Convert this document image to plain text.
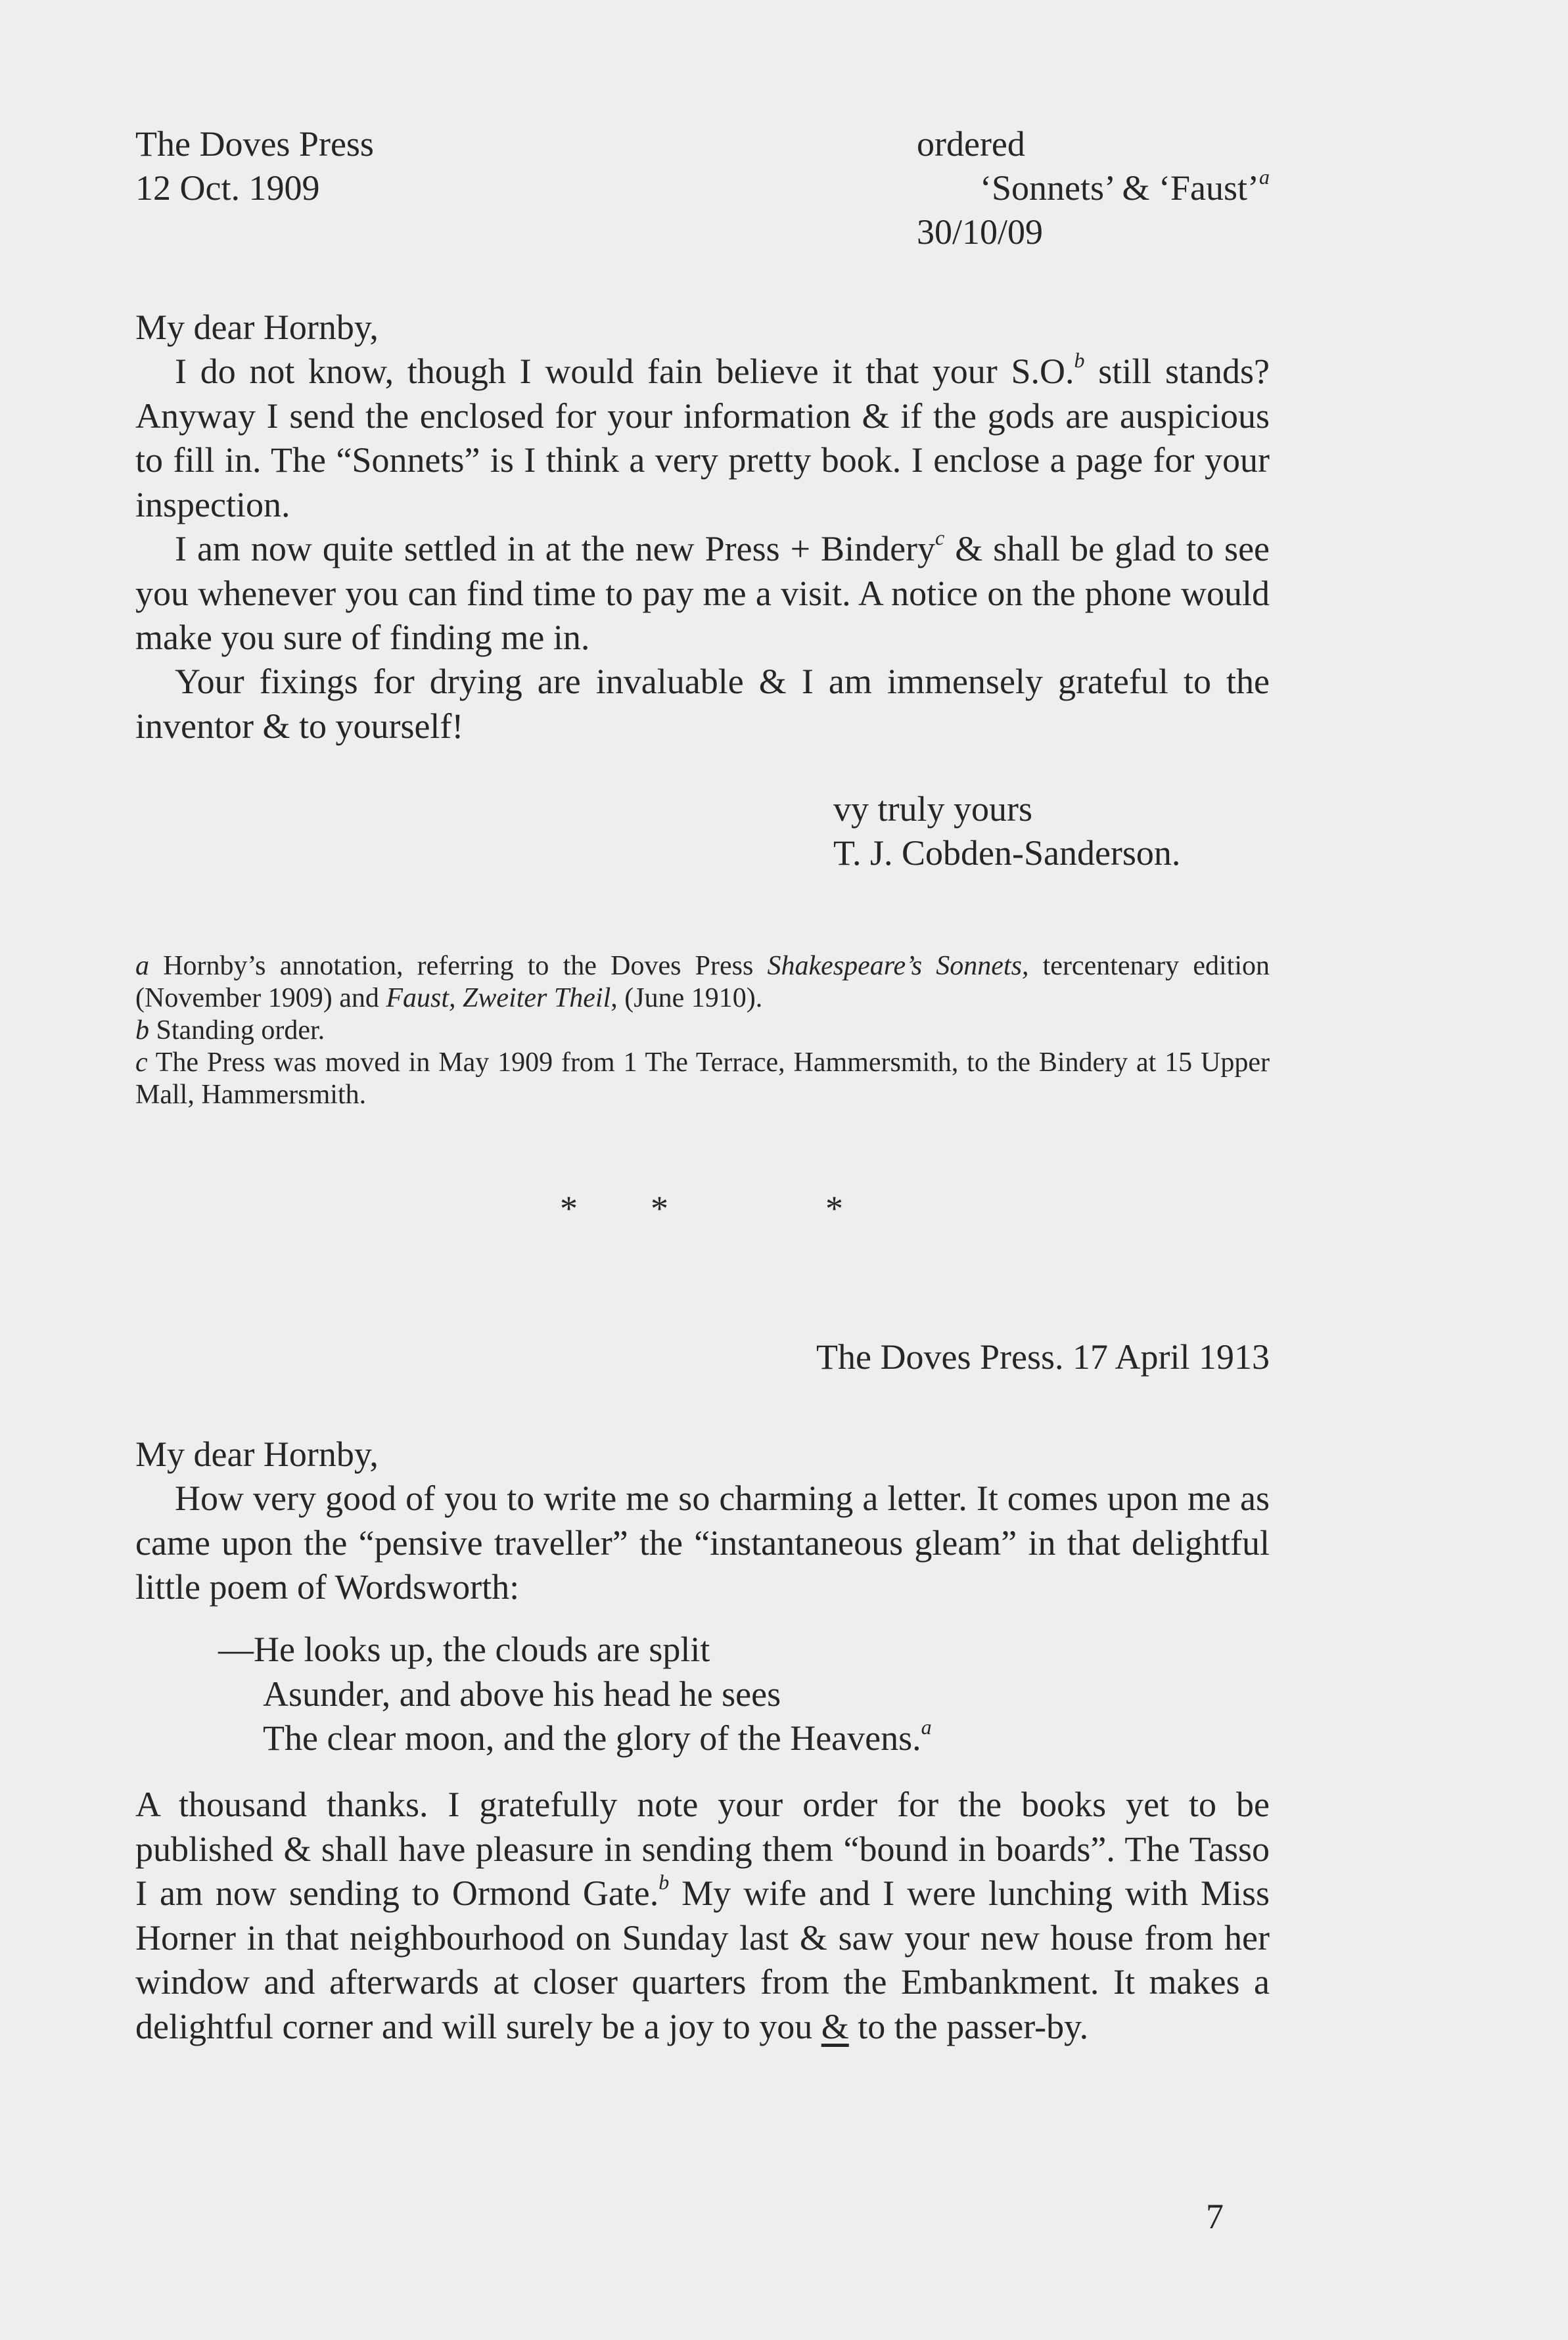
The Doves Press
12 Oct. 1909
ordered
‘Sonnets’ & ‘Faust’$^a$
30/10/09
My dear Hornby,
I do not know, though I would fain believe it that your S.O.$^b$ still stands? Anyway I send the enclosed for your information & if the gods are auspicious to fill in. The “Sonnets” is I think a very pretty book. I enclose a page for your inspection.
I am now quite settled in at the new Press + Bindery$^c$ & shall be glad to see you whenever you can find time to pay me a visit. A notice on the phone would make you sure of finding me in.
Your fixings for drying are invaluable & I am immensely grateful to the inventor & to yourself!
vy truly yours
T. J. Cobden-Sanderson.
a Hornby’s annotation, referring to the Doves Press Shakespeare’s Sonnets, tercentenary edition (November 1909) and Faust, Zweiter Theil, (June 1910).
b Standing order.
c The Press was moved in May 1909 from 1 The Terrace, Hammersmith, to the Bindery at 15 Upper Mall, Hammersmith.
* *	*
The Doves Press. 17 April 1913
My dear Hornby,
How very good of you to write me so charming a letter. It comes upon me as came upon the “pensive traveller” the “instantaneous gleam” in that delightful little poem of Wordsworth:
—He looks up, the clouds are split
Asunder, and above his head he sees
The clear moon, and the glory of the Heavens.$^a$
A thousand thanks. I gratefully note your order for the books yet to be published & shall have pleasure in sending them “bound in boards”. The Tasso I am now sending to Ormond Gate.$^b$ My wife and I were lunching with Miss Horner in that neighbourhood on Sunday last & saw your new house from her window and afterwards at closer quarters from the Embankment. It makes a delightful corner and will surely be a joy to you & to the passer-by.
7
